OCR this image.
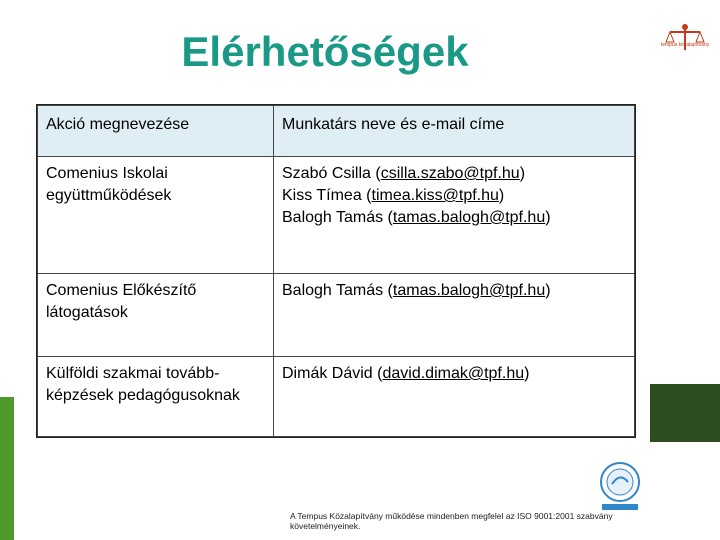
Elérhetőségek	tempus közalapítvány
Akció megnevezése	Munkatárs neve és e-mail címe
Comenius Iskolai együttműködések	Szabó Csilla (csilla.szabo@tpf.hu)
Kiss Tímea (timea.kiss@tpf.hu)
Balogh Tamás (tamas.balogh@tpf.hu)

Comenius Előkészítő látogatások	Balogh Tamás (tamas.balogh@tpf.hu)

Külföldi szakmai tovább-képzések pedagógusoknak	Dimák Dávid (david.dimak@tpf.hu)
A Tempus Közalapítvány működése mindenben megfelel az ISO 9001:2001 szabvány követelményeinek.
